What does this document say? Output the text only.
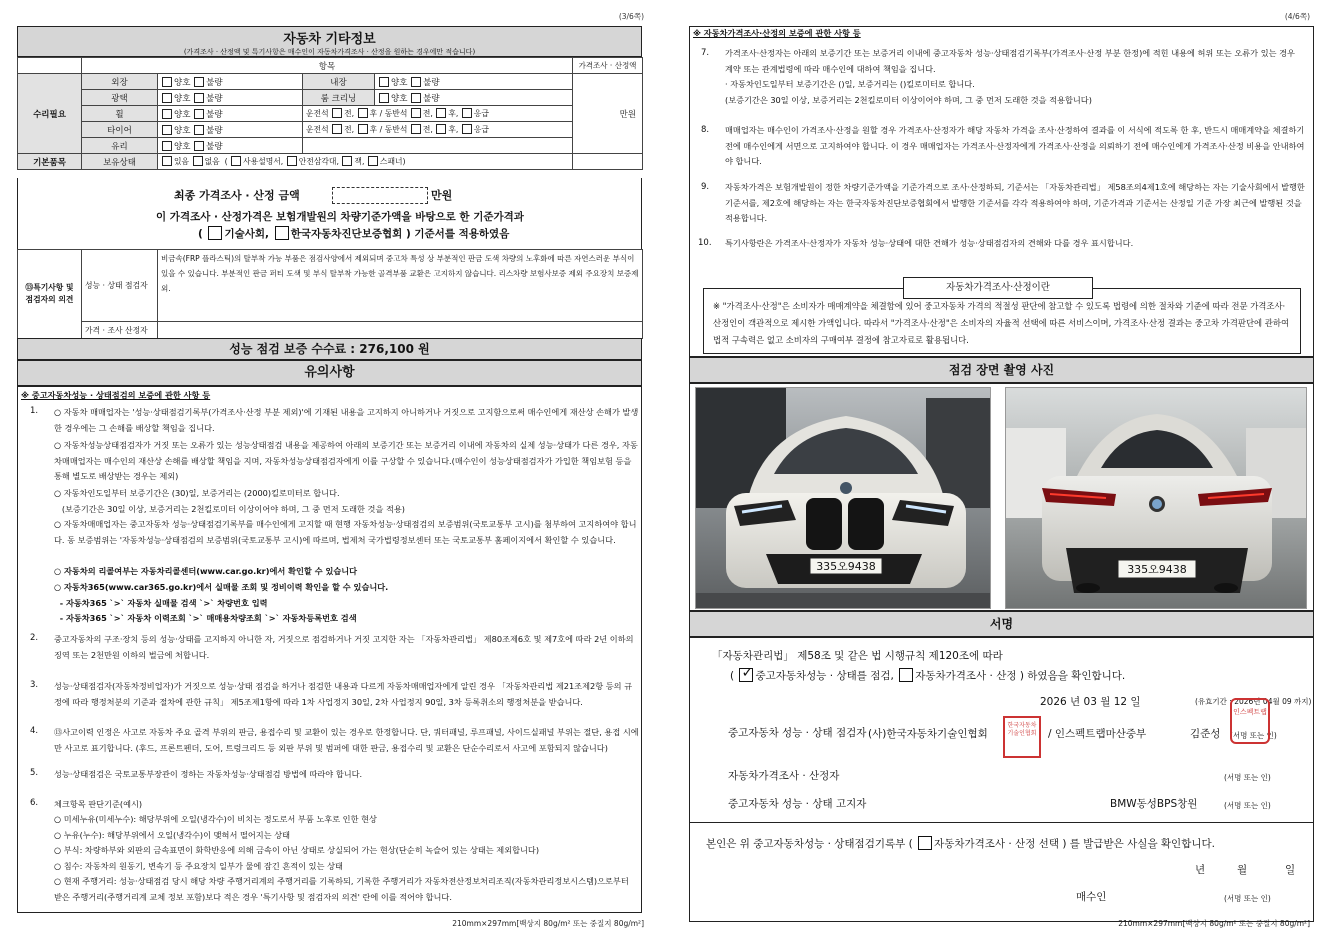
(3/6쪽)
자동차 기타정보
(가격조사 · 산정액 및 특기사항은 매수인이 자동차가격조사 · 산정을 원하는 경우에만 적습니다)
	항목				가격조사 · 산정액
수리필요	외장	양호 불량	내장	양호 불량	만원
	광택	양호 불량	룸 크리닝	양호 불량	
	휠	양호 불량	운전석 전, 후 / 동반석 전, 후, 응급		
	타이어	양호 불량	운전석 전, 후 / 동반석 전, 후, 응급		
	유리	양호 불량			
기본품목	보유상태	있음 없음  ( 사용설명서, 안전삼각대, 잭, 스패너)			
최종 가격조사 · 산정 금액	만원
이 가격조사 · 산정가격은 보험개발원의 차량기준가액을 바탕으로 한 기준가격과
( 기술사회, 한국자동차진단보증협회 ) 기준서를 적용하였음
⑬특기사항 및 점검자의 의견	성능 · 상태 점검자	비금속(FRP 플라스틱)의 탈부착 가능 부품은 점검사양에서 제외되며 중고차 특성 상 부분적인 판금 도색 차량의 노후화에 따른 자연스러운 부식이 있을 수 있습니다. 부분적인 판금 퍼티 도색 및 부식 탈부착 가능한 골격부품 교환은 고지하지 않습니다. 리스차량 보험사보증 제외 주요장치 보증제외.
	가격 · 조사 산정자	
성능 점검 보증 수수료 : 276,100 원
유의사항
※ 중고자동차성능 · 상태점검의 보증에 관한 사항 등
1. ○ 자동차 매매업자는 '성능·상태점검기록부(가격조사·산정 부분 제외)'에 기재된 내용을 고지하지 아니하거나 거짓으로 고지함으로써 매수인에게 재산상 손해가 발생한 경우에는 그 손해를 배상할 책임을 집니다.
○ 자동차성능상태점검자가 거짓 또는 오류가 있는 성능상태점검 내용을 제공하여 아래의 보증기간 또는 보증거리 이내에 자동차의 실제 성능·상태가 다른 경우, 자동차매매업자는 매수인의 재산상 손해를 배상할 책임을 지며, 자동차성능상태점검자에게 이를 구상할 수 있습니다.(매수인이 성능상태점검자가 가입한 책임보험 등을 통해 별도로 배상받는 경우는 제외)
○ 자동차인도일부터 보증기간은 (30)일, 보증거리는 (2000)킬로미터로 합니다.
(보증기간은 30일 이상, 보증거리는 2천킬로미터 이상이어야 하며, 그 중 먼저 도래한 것을 적용)
○ 자동차매매업자는 중고자동차 성능·상태점검기록부를 매수인에게 고지할 때 현행 자동차성능·상태점검의 보증범위(국토교통부 고시)를 첨부하여 고지하여야 합니다. 동 보증범위는 '자동차성능·상태점검의 보증범위(국토교통부 고시)에 따르며, 법제처 국가법령정보센터 또는 국토교통부 홈페이지에서 확인할 수 있습니다.
○ 자동차의 리콜여부는 자동차리콜센터(www.car.go.kr)에서 확인할 수 있습니다
○ 자동차365(www.car365.go.kr)에서 실매물 조회 및 정비이력 확인을 할 수 있습니다.
- 자동차365 `>` 자동차 실매물 검색 `>` 차량번호 입력
- 자동차365 `>` 자동차 이력조회 `>` 매매용차량조회 `>` 자동차등록번호 검색
2. 중고자동차의 구조·장치 등의 성능·상태를 고지하지 아니한 자, 거짓으로 점검하거나 거짓 고지한 자는 「자동차관리법」 제80조제6호 및 제7호에 따라 2년 이하의 징역 또는 2천만원 이하의 벌금에 처합니다.
3. 성능·상태점검자(자동차정비업자)가 거짓으로 성능·상태 점검을 하거나 점검한 내용과 다르게 자동차매매업자에게 알린 경우 「자동차관리법 제21조제2항 등의 규정에 따라 행정처분의 기준과 절차에 관한 규칙」 제5조제1항에 따라 1차 사업정지 30일, 2차 사업정지 90일, 3차 등록취소의 행정처분을 받습니다.
4. ⑬사고이력 인정은 사고로 자동차 주요 골격 부위의 판금, 용접수리 및 교환이 있는 경우로 한정합니다. 단, 쿼터패널, 루프패널, 사이드실패널 부위는 절단, 용접 시에만 사고로 표기합니다. (후드, 프론트펜더, 도어, 트렁크리드 등 외판 부위 및 범퍼에 대한 판금, 용접수리 및 교환은 단순수리로서 사고에 포함되지 않습니다)
5. 성능·상태점검은 국토교통부장관이 정하는 자동차성능·상태점검 방법에 따라야 합니다.
6. 체크항목 판단기준(예시)
○ 미세누유(미세누수): 해당부위에 오일(냉각수)이 비치는 정도로서 부품 노후로 인한 현상
○ 누유(누수): 해당부위에서 오일(냉각수)이 맺혀서 떨어지는 상태
○ 부식: 차량하부와 외판의 금속표면이 화학반응에 의해 금속이 아닌 상태로 상실되어 가는 현상(단순히 녹슬어 있는 상태는 제외합니다)
○ 침수: 자동차의 원동기, 변속기 등 주요장치 일부가 물에 잠긴 흔적이 있는 상태
○ 현재 주행거리: 성능·상태점검 당시 해당 차량 주행거리계의 주행거리를 기록하되, 기록한 주행거리가 자동차전산정보처리조직(자동차관리정보시스템)으로부터 받은 주행거리(주행거리계 교체 정보 포함)보다 적은 경우 '특기사항 및 점검자의 의견' 란에 이를 적어야 합니다.
210mm×297mm[백상지 80g/m² 또는 중질지 80g/m²]
(4/6쪽)
※ 자동차가격조사·산정의 보증에 관한 사항 등
7. 가격조사·산정자는 아래의 보증기간 또는 보증거리 이내에 중고자동차 성능·상태점검기록부(가격조사·산정 부분 한정)에 적힌 내용에 허위 또는 오류가 있는 경우 계약 또는 관계법령에 따라 매수인에 대하여 책임을 집니다.
· 자동차인도일부터 보증기간은 ()일, 보증거리는 ()킬로미터로 합니다.
(보증기간은 30일 이상, 보증거리는 2천킬로미터 이상이어야 하며, 그 중 먼저 도래한 것을 적용합니다)
8. 매매업자는 매수인이 가격조사·산정을 원할 경우 가격조사·산정자가 해당 자동차 가격을 조사·산정하여 결과를 이 서식에 적도록 한 후, 반드시 매매계약을 체결하기 전에 매수인에게 서면으로 고지하여야 합니다. 이 경우 매매업자는 가격조사·산정자에게 가격조사·산정을 의뢰하기 전에 매수인에게 가격조사·산정 비용을 안내하여야 합니다.
9. 자동차가격은 보험개발원이 정한 차량기준가액을 기준가격으로 조사·산정하되, 기준서는 「자동차관리법」 제58조의4제1호에 해당하는 자는 기술사회에서 발행한 기준서를, 제2호에 해당하는 자는 한국자동차진단보증협회에서 발행한 기준서를 각각 적용하여야 하며, 기준가격과 기준서는 산정일 기준 가장 최근에 발행된 것을 적용합니다.
10. 특기사항란은 가격조사·산정자가 자동차 성능·상태에 대한 견해가 성능·상태점검자의 견해와 다를 경우 표시합니다.
자동차가격조사·산정이란
※ "가격조사·산정"은 소비자가 매매계약을 체결함에 있어 중고자동차 가격의 적절성 판단에 참고할 수 있도록 법령에 의한 절차와 기준에 따라 전문 가격조사·산정인이 객관적으로 제시한 가액입니다. 따라서 "가격조사·산정"은 소비자의 자율적 선택에 따른 서비스이며, 가격조사·산정 결과는 중고차 가격판단에 관하여 법적 구속력은 없고 소비자의 구매여부 결정에 참고자료로 활용됩니다.
점검 장면 촬영 사진
335오9438	335오9438
서명
「자동차관리법」 제58조 및 같은 법 시행규칙 제120조에 따라
( ✓중고자동차성능 · 상태를 점검, 자동차가격조사 · 산정 ) 하였음을 확인합니다.
2026 년 03 월 12 일	(유효기간 : 2026년 04월 09 까지)
중고자동차 성능 · 상태 점검자 (사)한국자동차기술인협회
한국자동차기술인협회	/ 인스펙트랩마산중부	김준성 (서명 또는 인)
인스펙트랩
자동차가격조사 · 산정자	(서명 또는 인)
중고자동차 성능 · 상태 고지자	BMW동성BPS창원	(서명 또는 인)
본인은 위 중고자동차성능 · 상태점검기록부 ( 자동차가격조사 · 산정 선택 ) 를 발급받은 사실을 확인합니다.
년	월	일
매수인	(서명 또는 인)
210mm×297mm[백상지 80g/m² 또는 중질지 80g/m²]
